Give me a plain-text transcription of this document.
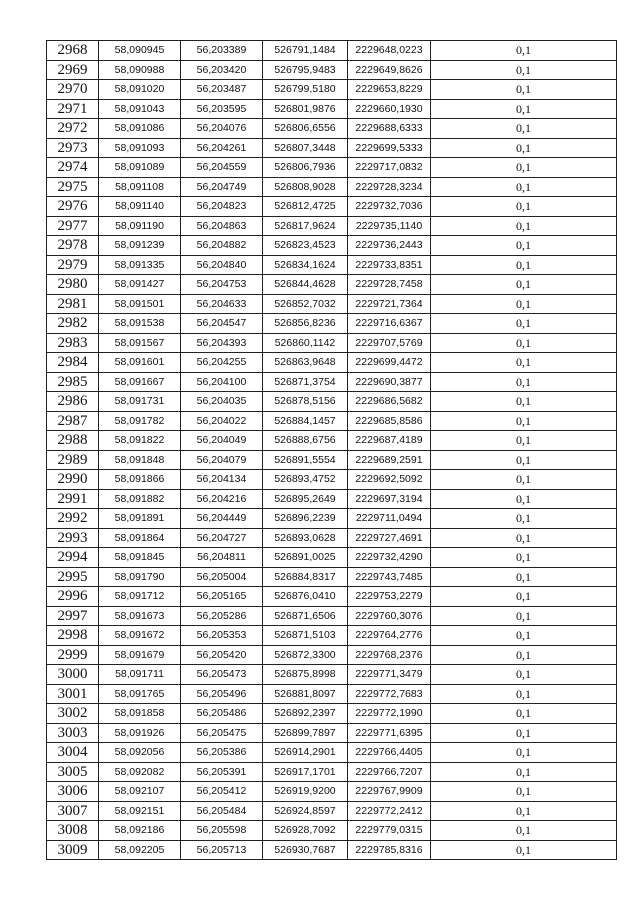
2968	58,090945	56,203389	526791,1484	2229648,0223	0,1
2969	58,090988	56,203420	526795,9483	2229649,8626	0,1
2970	58,091020	56,203487	526799,5180	2229653,8229	0,1
2971	58,091043	56,203595	526801,9876	2229660,1930	0,1
2972	58,091086	56,204076	526806,6556	2229688,6333	0,1
2973	58,091093	56,204261	526807,3448	2229699,5333	0,1
2974	58,091089	56,204559	526806,7936	2229717,0832	0,1
2975	58,091108	56,204749	526808,9028	2229728,3234	0,1
2976	58,091140	56,204823	526812,4725	2229732,7036	0,1
2977	58,091190	56,204863	526817,9624	2229735,1140	0,1
2978	58,091239	56,204882	526823,4523	2229736,2443	0,1
2979	58,091335	56,204840	526834,1624	2229733,8351	0,1
2980	58,091427	56,204753	526844,4628	2229728,7458	0,1
2981	58,091501	56,204633	526852,7032	2229721,7364	0,1
2982	58,091538	56,204547	526856,8236	2229716,6367	0,1
2983	58,091567	56,204393	526860,1142	2229707,5769	0,1
2984	58,091601	56,204255	526863,9648	2229699,4472	0,1
2985	58,091667	56,204100	526871,3754	2229690,3877	0,1
2986	58,091731	56,204035	526878,5156	2229686,5682	0,1
2987	58,091782	56,204022	526884,1457	2229685,8586	0,1
2988	58,091822	56,204049	526888,6756	2229687,4189	0,1
2989	58,091848	56,204079	526891,5554	2229689,2591	0,1
2990	58,091866	56,204134	526893,4752	2229692,5092	0,1
2991	58,091882	56,204216	526895,2649	2229697,3194	0,1
2992	58,091891	56,204449	526896,2239	2229711,0494	0,1
2993	58,091864	56,204727	526893,0628	2229727,4691	0,1
2994	58,091845	56,204811	526891,0025	2229732,4290	0,1
2995	58,091790	56,205004	526884,8317	2229743,7485	0,1
2996	58,091712	56,205165	526876,0410	2229753,2279	0,1
2997	58,091673	56,205286	526871,6506	2229760,3076	0,1
2998	58,091672	56,205353	526871,5103	2229764,2776	0,1
2999	58,091679	56,205420	526872,3300	2229768,2376	0,1
3000	58,091711	56,205473	526875,8998	2229771,3479	0,1
3001	58,091765	56,205496	526881,8097	2229772,7683	0,1
3002	58,091858	56,205486	526892,2397	2229772,1990	0,1
3003	58,091926	56,205475	526899,7897	2229771,6395	0,1
3004	58,092056	56,205386	526914,2901	2229766,4405	0,1
3005	58,092082	56,205391	526917,1701	2229766,7207	0,1
3006	58,092107	56,205412	526919,9200	2229767,9909	0,1
3007	58,092151	56,205484	526924,8597	2229772,2412	0,1
3008	58,092186	56,205598	526928,7092	2229779,0315	0,1
3009	58,092205	56,205713	526930,7687	2229785,8316	0,1
